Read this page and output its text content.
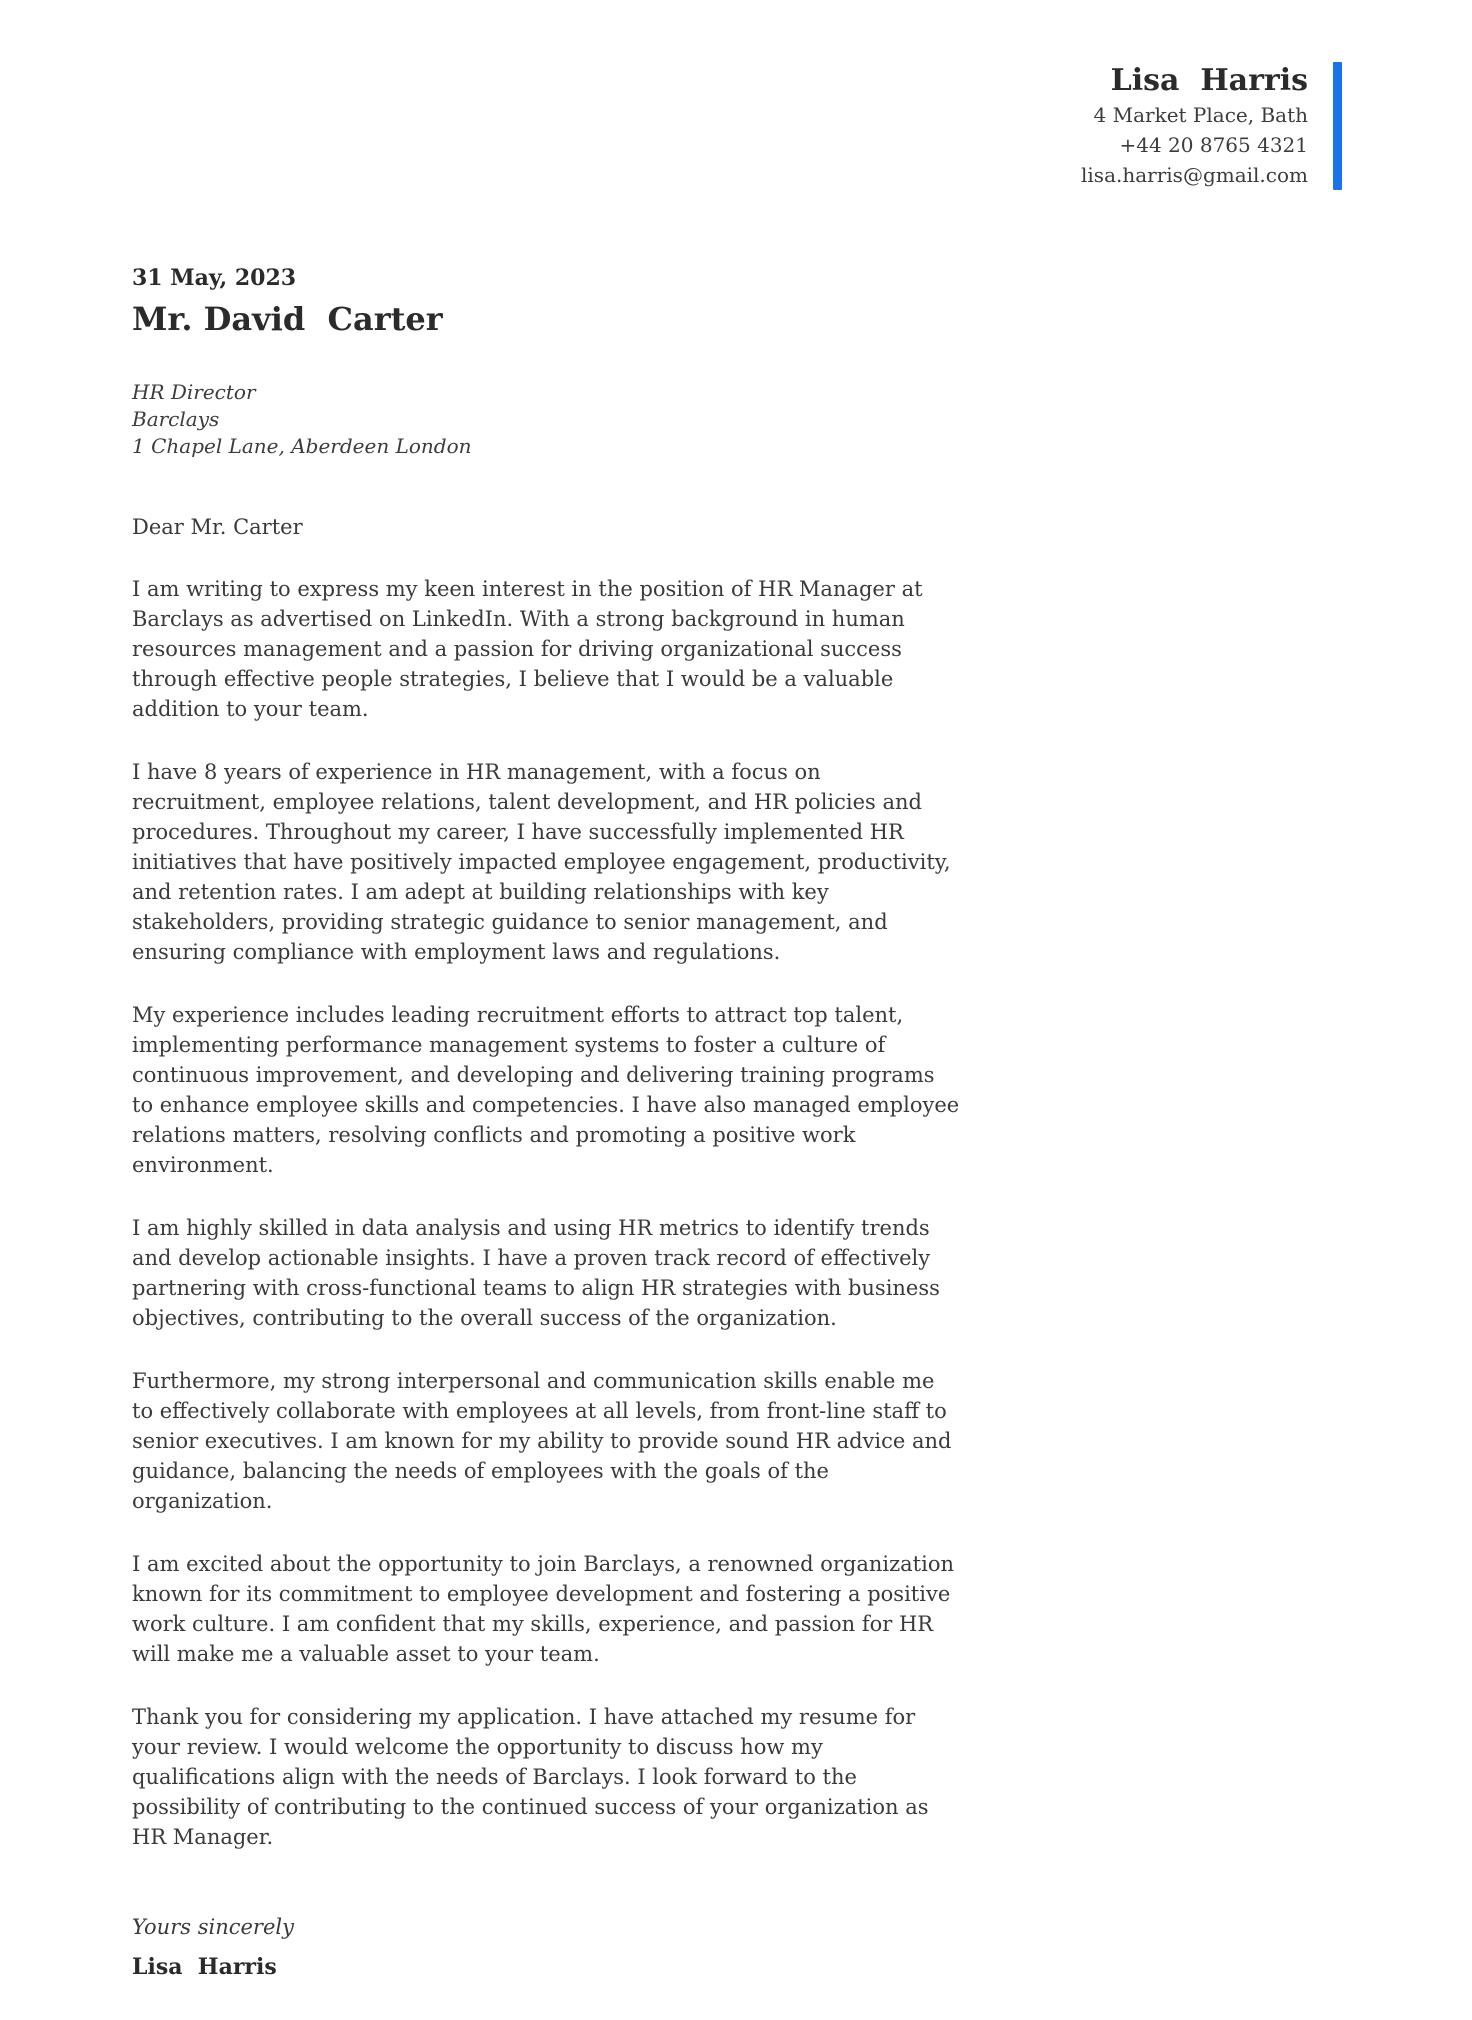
Lisa  Harris
4 Market Place, Bath
+44 20 8765 4321
lisa.harris@gmail.com
31 May, 2023
Mr. David  Carter
HR Director
Barclays
1 Chapel Lane, Aberdeen London
Dear Mr. Carter

I am writing to express my keen interest in the position of HR Manager at Barclays as advertised on LinkedIn. With a strong background in human resources management and a passion for driving organizational success through effective people strategies, I believe that I would be a valuable addition to your team.

I have 8 years of experience in HR management, with a focus on recruitment, employee relations, talent development, and HR policies and procedures. Throughout my career, I have successfully implemented HR initiatives that have positively impacted employee engagement, productivity, and retention rates. I am adept at building relationships with key stakeholders, providing strategic guidance to senior management, and ensuring compliance with employment laws and regulations.

My experience includes leading recruitment efforts to attract top talent, implementing performance management systems to foster a culture of continuous improvement, and developing and delivering training programs to enhance employee skills and competencies. I have also managed employee relations matters, resolving conflicts and promoting a positive work environment.

I am highly skilled in data analysis and using HR metrics to identify trends and develop actionable insights. I have a proven track record of effectively partnering with cross-functional teams to align HR strategies with business objectives, contributing to the overall success of the organization.

Furthermore, my strong interpersonal and communication skills enable me to effectively collaborate with employees at all levels, from front-line staff to senior executives. I am known for my ability to provide sound HR advice and guidance, balancing the needs of employees with the goals of the organization.

I am excited about the opportunity to join Barclays, a renowned organization known for its commitment to employee development and fostering a positive work culture. I am confident that my skills, experience, and passion for HR will make me a valuable asset to your team.

Thank you for considering my application. I have attached my resume for your review. I would welcome the opportunity to discuss how my qualifications align with the needs of Barclays. I look forward to the possibility of contributing to the continued success of your organization as HR Manager.

Yours sincerely
Lisa  Harris
